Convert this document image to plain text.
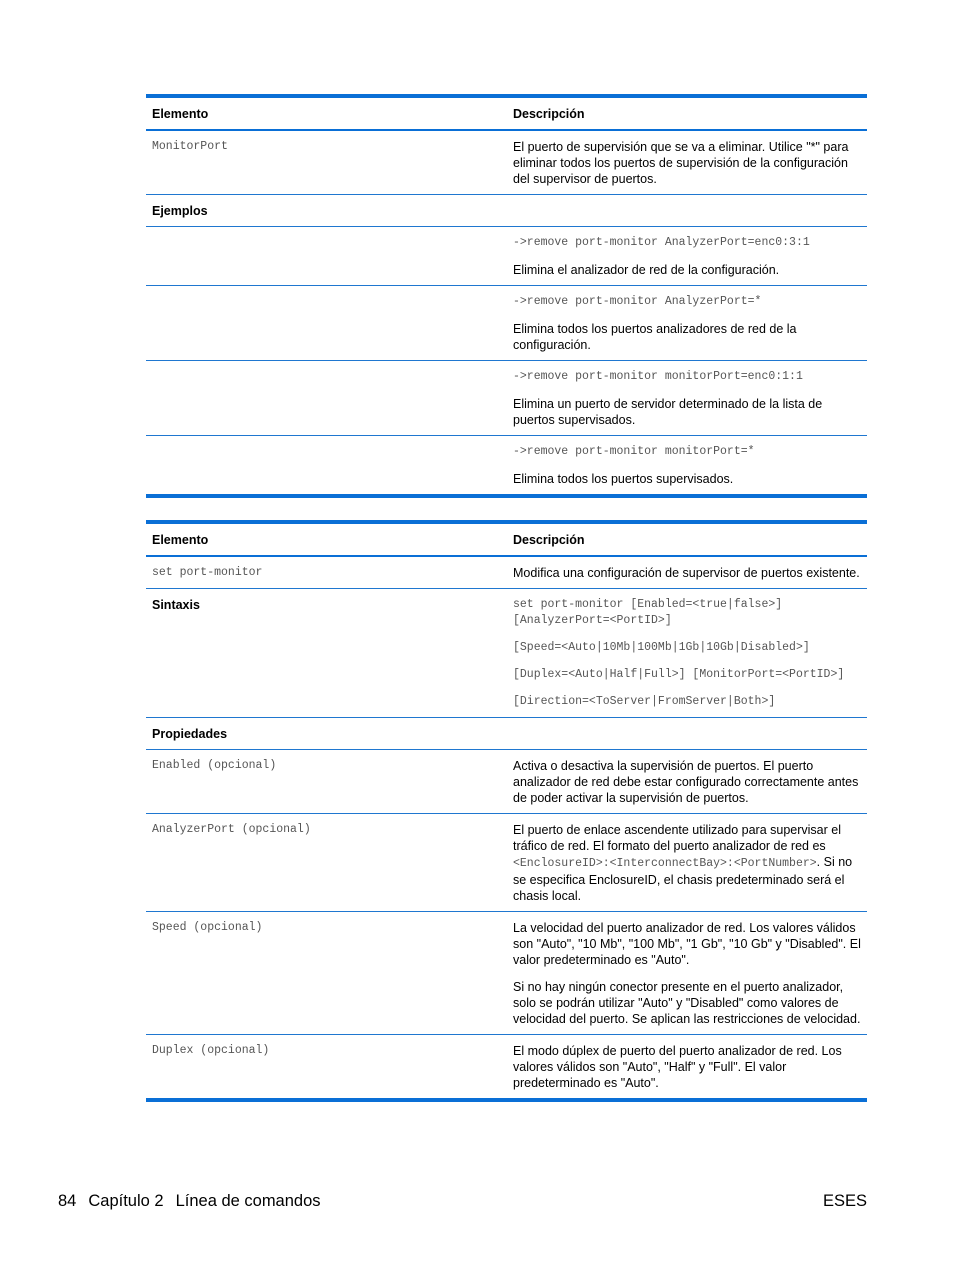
Elemento	Descripción
MonitorPort	El puerto de supervisión que se va a eliminar. Utilice "*" para eliminar todos los puertos de supervisión de la configuración del supervisor de puertos.
Ejemplos
->remove port-monitor AnalyzerPort=enc0:3:1
Elimina el analizador de red de la configuración.
->remove port-monitor AnalyzerPort=*
Elimina todos los puertos analizadores de red de la configuración.
->remove port-monitor monitorPort=enc0:1:1
Elimina un puerto de servidor determinado de la lista de puertos supervisados.
->remove port-monitor monitorPort=*
Elimina todos los puertos supervisados.
Elemento	Descripción
set port-monitor	Modifica una configuración de supervisor de puertos existente.
Sintaxis	set port-monitor [Enabled=<true|false>] [AnalyzerPort=<PortID>]
[Speed=<Auto|10Mb|100Mb|1Gb|10Gb|Disabled>]
[Duplex=<Auto|Half|Full>] [MonitorPort=<PortID>]
[Direction=<ToServer|FromServer|Both>]
Propiedades
Enabled (opcional)	Activa o desactiva la supervisión de puertos. El puerto analizador de red debe estar configurado correctamente antes de poder activar la supervisión de puertos.
AnalyzerPort (opcional)	El puerto de enlace ascendente utilizado para supervisar el tráfico de red. El formato del puerto analizador de red es <EnclosureID>:<InterconnectBay>:<PortNumber>. Si no se especifica EnclosureID, el chasis predeterminado será el chasis local.
Speed (opcional)	La velocidad del puerto analizador de red. Los valores válidos son "Auto", "10 Mb", "100 Mb", "1 Gb", "10 Gb" y "Disabled". El valor predeterminado es "Auto".
Si no hay ningún conector presente en el puerto analizador, solo se podrán utilizar "Auto" y "Disabled" como valores de velocidad del puerto. Se aplican las restricciones de velocidad.
Duplex (opcional)	El modo dúplex de puerto del puerto analizador de red. Los valores válidos son "Auto", "Half" y "Full". El valor predeterminado es "Auto".
84 Capítulo 2 Línea de comandos	ESES
